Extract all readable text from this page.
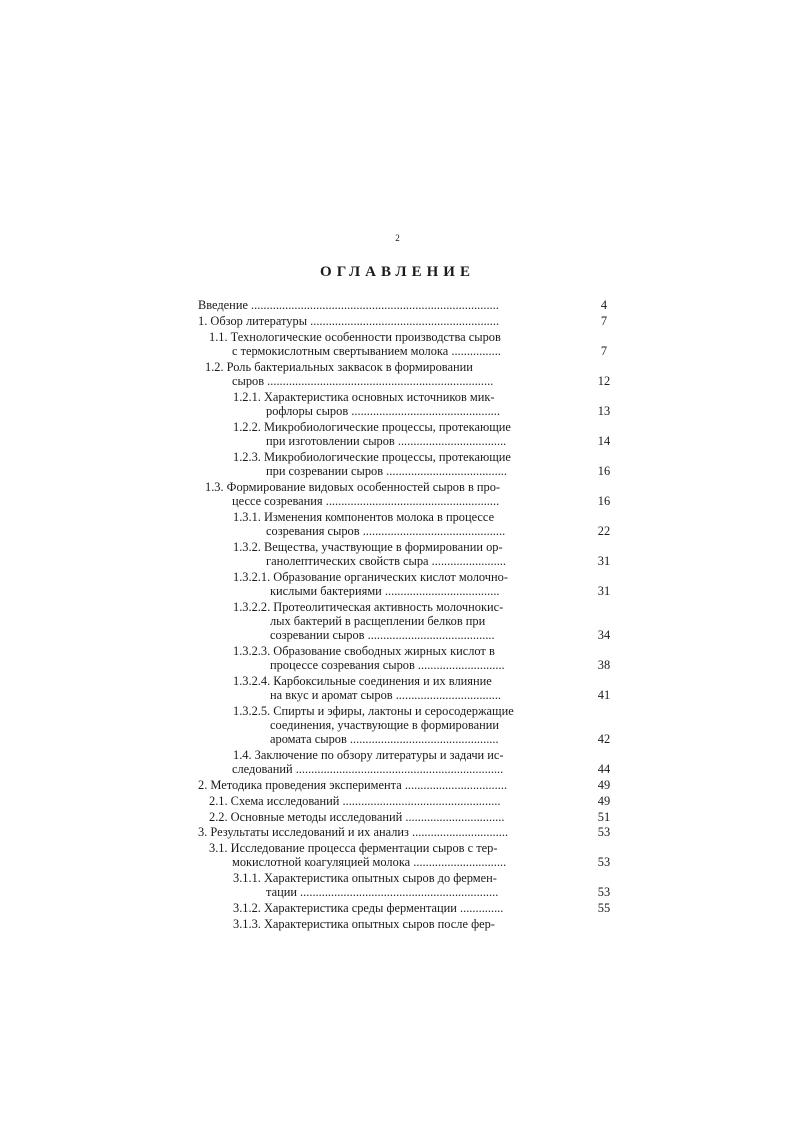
2
ОГЛАВЛЕНИЕ
Введение ................................................................................	4
1. Обзор литературы .............................................................	7
1.1. Технологические особенности производства сыров
с термокислотным свертыванием молока ................	7
1.2. Роль бактериальных заквасок в формировании
сыров .........................................................................	12
1.2.1. Характеристика основных источников мик-
рофлоры сыров ................................................	13
1.2.2. Микробиологические процессы, протекающие
при изготовлении сыров ...................................	14
1.2.3. Микробиологические процессы, протекающие
при созревании сыров .......................................	16
1.3. Формирование видовых особенностей сыров в про-
цессе созревания ........................................................	16
1.3.1. Изменения компонентов молока в процессе
созревания сыров ..............................................	22
1.3.2. Вещества, участвующие в формировании ор-
ганолептических свойств сыра ........................	31
1.3.2.1. Образование органических кислот молочно-
кислыми бактериями .....................................	31
1.3.2.2. Протеолитическая активность молочнокис-
лых бактерий в расщеплении белков при
созревании сыров .........................................	34
1.3.2.3. Образование свободных жирных кислот в
процессе созревания сыров ............................	38
1.3.2.4. Карбоксильные соединения и их влияние
на вкус и аромат сыров ..................................	41
1.3.2.5. Спирты и эфиры, лактоны и серосодержащие
соединения, участвующие в формировании
аромата сыров ................................................	42
1.4. Заключение по обзору литературы и задачи ис-
следований ...................................................................	44
2. Методика проведения эксперимента .................................	49
2.1. Схема исследований ...................................................	49
2.2. Основные методы исследований ................................	51
3. Результаты исследований и их анализ ...............................	53
3.1. Исследование процесса ферментации сыров с тер-
мокислотной коагуляцией молока ..............................	53
3.1.1. Характеристика опытных сыров до фермен-
тации ................................................................	53
3.1.2. Характеристика среды ферментации ..............	55
3.1.3. Характеристика опытных сыров после фер-
